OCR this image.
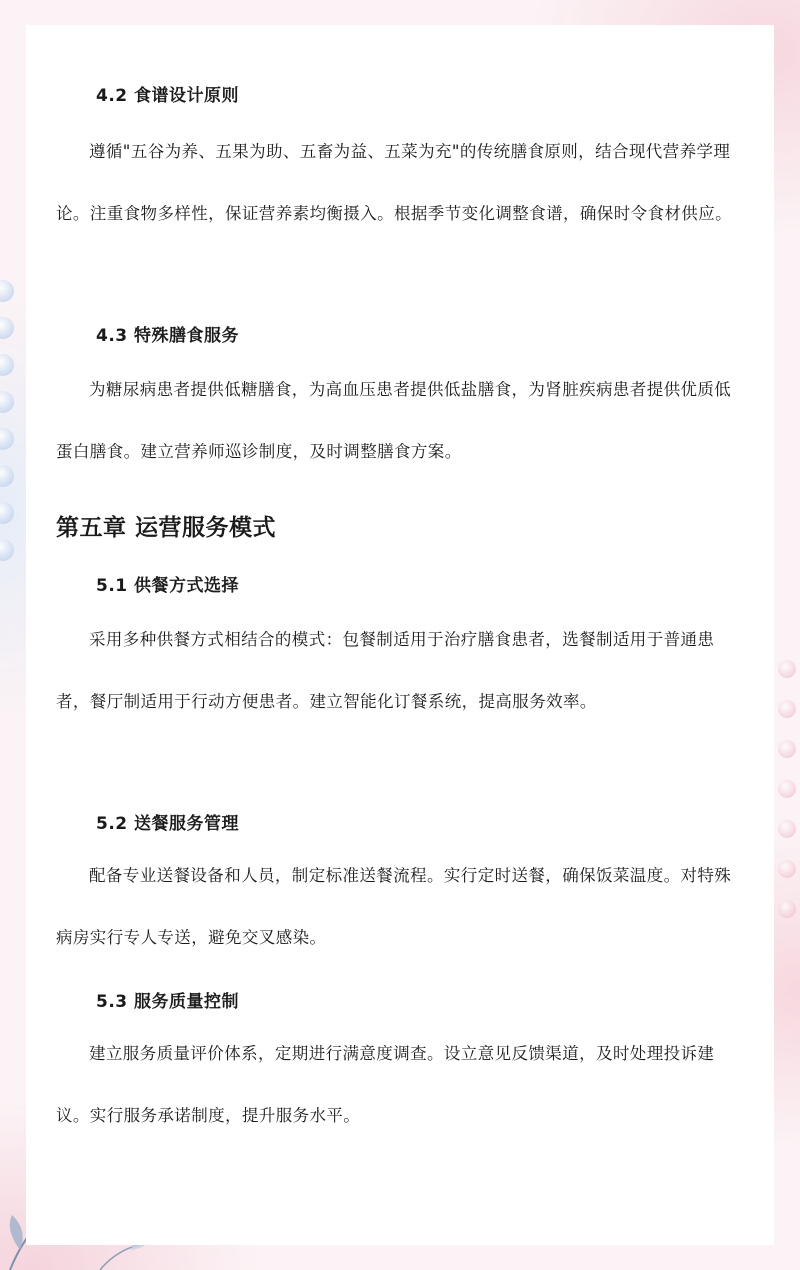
4.2 食谱设计原则

遵循"五谷为养、五果为助、五畜为益、五菜为充"的传统膳食原则，结合现代营养学理论。注重食物多样性，保证营养素均衡摄入。根据季节变化调整食谱，确保时令食材供应。

4.3 特殊膳食服务

为糖尿病患者提供低糖膳食，为高血压患者提供低盐膳食，为肾脏疾病患者提供优质低蛋白膳食。建立营养师巡诊制度，及时调整膳食方案。

第五章 运营服务模式
5.1 供餐方式选择

采用多种供餐方式相结合的模式：包餐制适用于治疗膳食患者，选餐制适用于普通患者，餐厅制适用于行动方便患者。建立智能化订餐系统，提高服务效率。

5.2 送餐服务管理

配备专业送餐设备和人员，制定标准送餐流程。实行定时送餐，确保饭菜温度。对特殊病房实行专人专送，避免交叉感染。

5.3 服务质量控制

建立服务质量评价体系，定期进行满意度调查。设立意见反馈渠道，及时处理投诉建议。实行服务承诺制度，提升服务水平。
